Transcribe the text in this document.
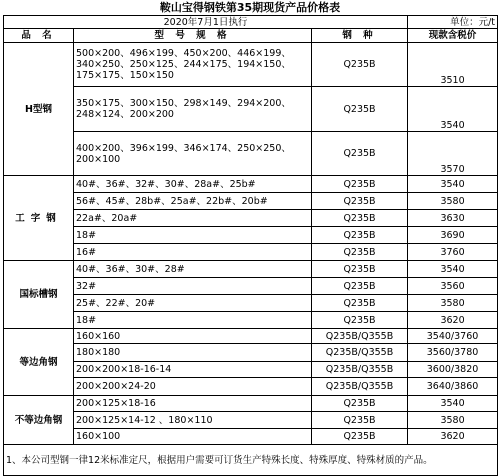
鞍山宝得钢铁第35期现货产品价格表
2020年7月1日执行			单位：元/t
品 名	型 号 规 格	钢 种	现款含税价
H型钢	500×200、496×199、450×200、446×199、340×250、250×125、244×175、194×150、175×175、150×150	Q235B	3510
	350×175、300×150、298×149、294×200、248×124、200×200	Q235B	3540
	400×200、396×199、346×174、250×250、200×100	Q235B	3570
工字钢	40#、36#、32#、30#、28a#、25b#	Q235B	3540
	56#、45#、28b#、25a#、22b#、20b#	Q235B	3580
	22a#、20a#	Q235B	3630
	18#	Q235B	3690
	16#	Q235B	3760
国标槽钢	40#、36#、30#、28#	Q235B	3540
	32#	Q235B	3560
	25#、22#、20#	Q235B	3580
	18#	Q235B	3620
等边角钢	160×160	Q235B/Q355B	3540/3760
	180×180	Q235B/Q355B	3560/3780
	200×200×18-16-14	Q235B/Q355B	3600/3820
	200×200×24-20	Q235B/Q355B	3640/3860
不等边角钢	200×125×18-16	Q235B	3540
	200×125×14-12 、180×110	Q235B	3580
	160×100	Q235B	3620
1、本公司型钢一律12米标准定尺，根据用户需要可订货生产特殊长度、特殊厚度、特殊材质的产品。			
